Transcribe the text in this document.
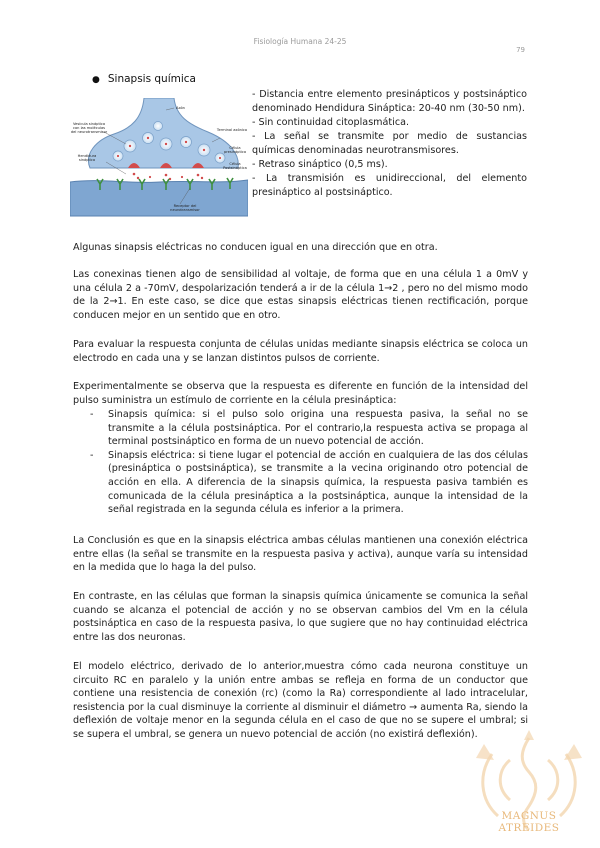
Fisiología Humana 24-25
79
● Sinapsis química
Axón
Vesícula sináptica con las moléculas del neurotransmisor	Terminal axónico
Célula presináptica
Célula Postsináptica
Hendidura sináptica
Receptor del neurotransmisor
- Distancia entre elemento presinápticos y postsináptico denominado Hendidura Sináptica: 20-40 nm (30-50 nm).
- Sin continuidad citoplasmática.
- La señal se transmite por medio de sustancias químicas denominadas neurotransmisores.
- Retraso sináptico (0,5 ms).
- La transmisión es unidireccional, del elemento presináptico al postsináptico.

Algunas sinapsis eléctricas no conducen igual en una dirección que en otra.

Las conexinas tienen algo de sensibilidad al voltaje, de forma que en una célula 1 a 0mV y una célula 2 a -70mV, despolarización tenderá a ir de la célula 1→2 , pero no del mismo modo de la 2→1. En este caso, se dice que estas sinapsis eléctricas tienen rectificación, porque conducen mejor en un sentido que en otro.

Para evaluar la respuesta conjunta de células unidas mediante sinapsis eléctrica se coloca un electrodo en cada una y se lanzan distintos pulsos de corriente.

Experimentalmente se observa que la respuesta es diferente en función de la intensidad del pulso suministra un estímulo de corriente en la célula presináptica:

- Sinapsis química: si el pulso solo origina una respuesta pasiva, la señal no se transmite a la célula postsináptica. Por el contrario,la respuesta activa se propaga al terminal postsináptico en forma de un nuevo potencial de acción.
- Sinapsis eléctrica: si tiene lugar el potencial de acción en cualquiera de las dos células (presináptica o postsináptica), se transmite a la vecina originando otro potencial de acción en ella. A diferencia de la sinapsis química, la respuesta pasiva también es comunicada de la célula presináptica a la postsináptica, aunque la intensidad de la señal registrada en la segunda célula es inferior a la primera.

La Conclusión es que en la sinapsis eléctrica ambas células mantienen una conexión eléctrica entre ellas (la señal se transmite en la respuesta pasiva y activa), aunque varía su intensidad en la medida que lo haga la del pulso.

En contraste, en las células que forman la sinapsis química únicamente se comunica la señal cuando se alcanza el potencial de acción y no se observan cambios del Vm en la célula postsináptica en caso de la respuesta pasiva, lo que sugiere que no hay continuidad eléctrica entre las dos neuronas.

El modelo eléctrico, derivado de lo anterior,muestra cómo cada neurona constituye un circuito RC en paralelo y la unión entre ambas se refleja en forma de un conductor que contiene una resistencia de conexión (rc) (como la Ra) correspondiente al lado intracelular, resistencia por la cual disminuye la corriente al disminuir el diámetro → aumenta Ra, siendo la deflexión de voltaje menor en la segunda célula en el caso de que no se supere el umbral; si se supera el umbral, se genera un nuevo potencial de acción (no existirá deflexión).

MAGNUS ATREIDES
